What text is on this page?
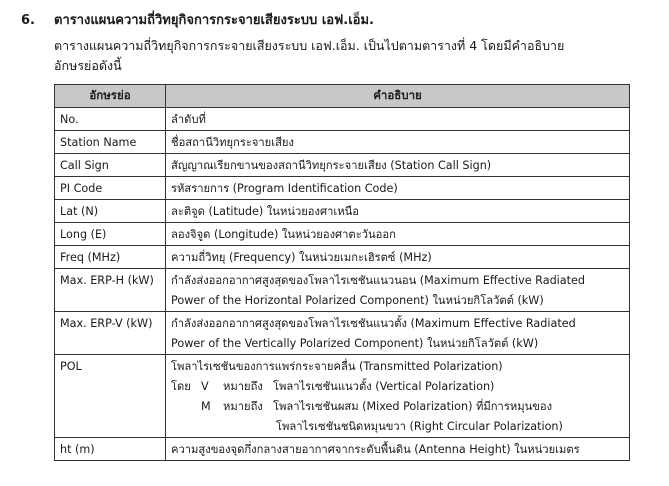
6. ตารางแผนความถี่วิทยุกิจการกระจายเสียงระบบ เอฟ.เอ็ม.
ตารางแผนความถี่วิทยุกิจการกระจายเสียงระบบ เอฟ.เอ็ม. เป็นไปตามตารางที่ 4 โดยมีคำอธิบาย
อักษรย่อดังนี้
อักษรย่อ	คำอธิบาย
No.	ลำดับที่
Station Name	ชื่อสถานีวิทยุกระจายเสียง
Call Sign	สัญญาณเรียกขานของสถานีวิทยุกระจายเสียง (Station Call Sign)
PI Code	รหัสรายการ (Program Identification Code)
Lat (N)	ละติจูด (Latitude) ในหน่วยองศาเหนือ
Long (E)	ลองจิจูด (Longitude) ในหน่วยองศาตะวันออก
Freq (MHz)	ความถี่วิทยุ (Frequency) ในหน่วยเมกะเฮิรตซ์ (MHz)
Max. ERP-H (kW)	กำลังส่งออกอากาศสูงสุดของโพลาไรเซชันแนวนอน (Maximum Effective Radiated
Power of the Horizontal Polarized Component) ในหน่วยกิโลวัตต์ (kW)

Max. ERP-V (kW)	กำลังส่งออกอากาศสูงสุดของโพลาไรเซชันแนวตั้ง (Maximum Effective Radiated
Power of the Vertically Polarized Component) ในหน่วยกิโลวัตต์ (kW)

POL	โพลาไรเซชันของการแพร่กระจายคลื่น (Transmitted Polarization)
โดย V หมายถึง โพลาไรเซชันแนวตั้ง (Vertical Polarization)
M หมายถึง โพลาไรเซชันผสม (Mixed Polarization) ที่มีการหมุนของ
โพลาไรเซชันชนิดหมุนขวา (Right Circular Polarization)

ht (m)	ความสูงของจุดกึ่งกลางสายอากาศจากระดับพื้นดิน (Antenna Height) ในหน่วยเมตร
